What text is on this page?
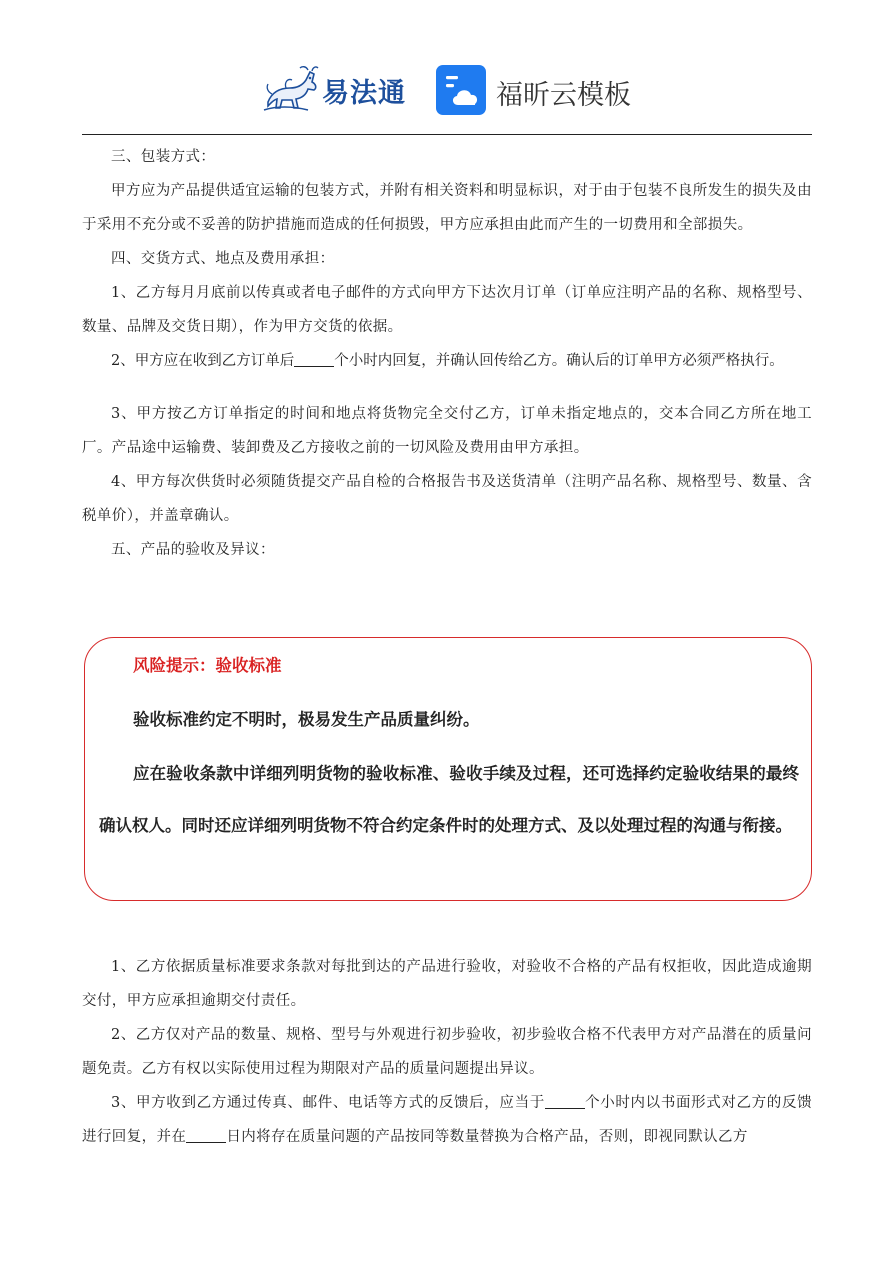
易法通	福昕云模板

三、包装方式：

甲方应为产品提供适宜运输的包装方式，并附有相关资料和明显标识，对于由于包装不良所发生的损失及由于采用不充分或不妥善的防护措施而造成的任何损毁，甲方应承担由此而产生的一切费用和全部损失。

四、交货方式、地点及费用承担：

1、乙方每月月底前以传真或者电子邮件的方式向甲方下达次月订单（订单应注明产品的名称、规格型号、数量、品牌及交货日期），作为甲方交货的依据。

2、甲方应在收到乙方订单后	个小时内回复，并确认回传给乙方。确认后的订单甲方必须严格执行。

3、甲方按乙方订单指定的时间和地点将货物完全交付乙方，订单未指定地点的，交本合同乙方所在地工厂。产品途中运输费、装卸费及乙方接收之前的一切风险及费用由甲方承担。

4、甲方每次供货时必须随货提交产品自检的合格报告书及送货清单（注明产品名称、规格型号、数量、含税单价），并盖章确认。

五、产品的验收及异议：

风险提示：验收标准
验收标准约定不明时，极易发生产品质量纠纷。

应在验收条款中详细列明货物的验收标准、验收手续及过程，还可选择约定验收结果的最终确认权人。同时还应详细列明货物不符合约定条件时的处理方式、及以处理过程的沟通与衔接。

1、乙方依据质量标准要求条款对每批到达的产品进行验收，对验收不合格的产品有权拒收，因此造成逾期交付，甲方应承担逾期交付责任。

2、乙方仅对产品的数量、规格、型号与外观进行初步验收，初步验收合格不代表甲方对产品潜在的质量问题免责。乙方有权以实际使用过程为期限对产品的质量问题提出异议。

3、甲方收到乙方通过传真、邮件、电话等方式的反馈后，应当于	个小时内以书面形式对乙方的反馈进行回复，并在	日内将存在质量问题的产品按同等数量替换为合格产品，否则，即视同默认乙方
